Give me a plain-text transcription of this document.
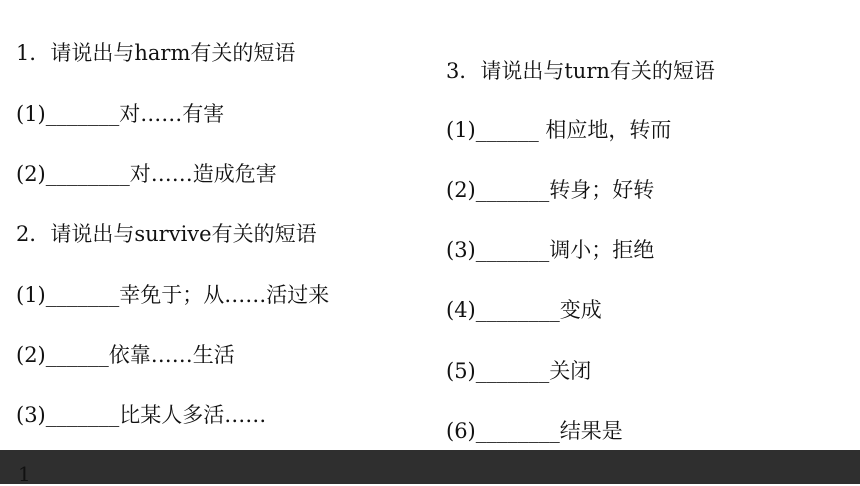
1．请说出与harm有关的短语
(1)_______对……有害
(2)________对……造成危害
2．请说出与survive有关的短语
(1)_______幸免于；从……活过来
(2)______依靠……生活
(3)_______比某人多活……
3．请说出与turn有关的短语
(1)______ 相应地，转而
(2)_______转身；好转
(3)_______调小；拒绝
(4)________变成
(5)_______关闭
(6)________结果是
1
